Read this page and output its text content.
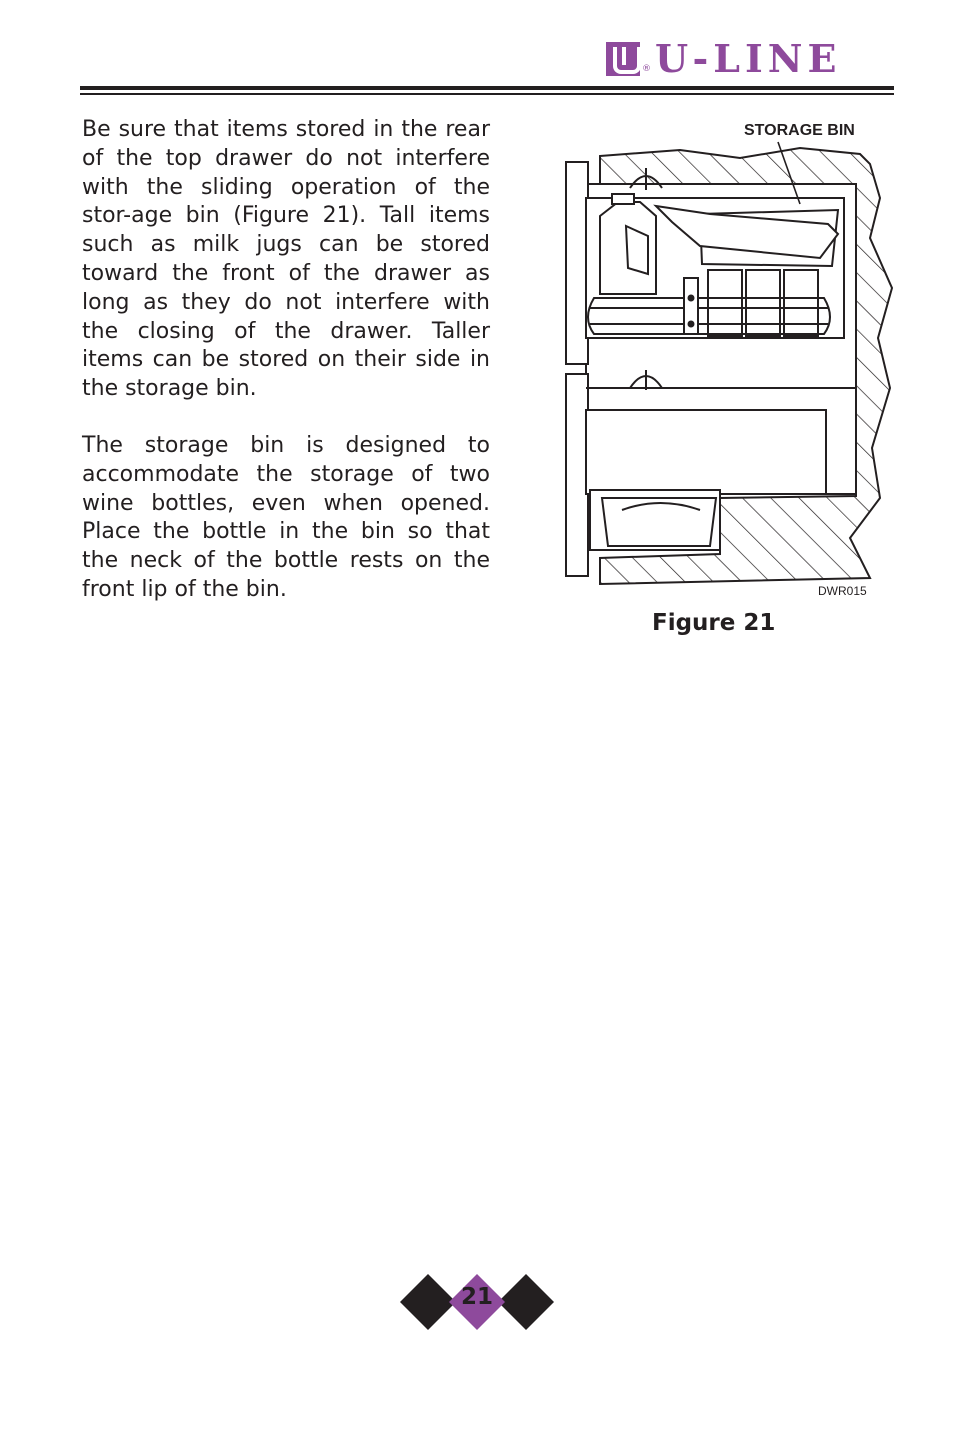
® U-LINE

Be sure that items stored in the rear of the top drawer do not interfere with the sliding operation of the stor-age bin (Figure 21). Tall items such as milk jugs can be stored toward the front of the drawer as long as they do not interfere with the closing of the drawer. Taller items can be stored on their side in the storage bin.

The storage bin is designed to accommodate the storage of two wine bottles, even when opened. Place the bottle in the bin so that the neck of the bottle rests on the front lip of the bin.

STORAGE BIN
DWR015
Figure 21
21
